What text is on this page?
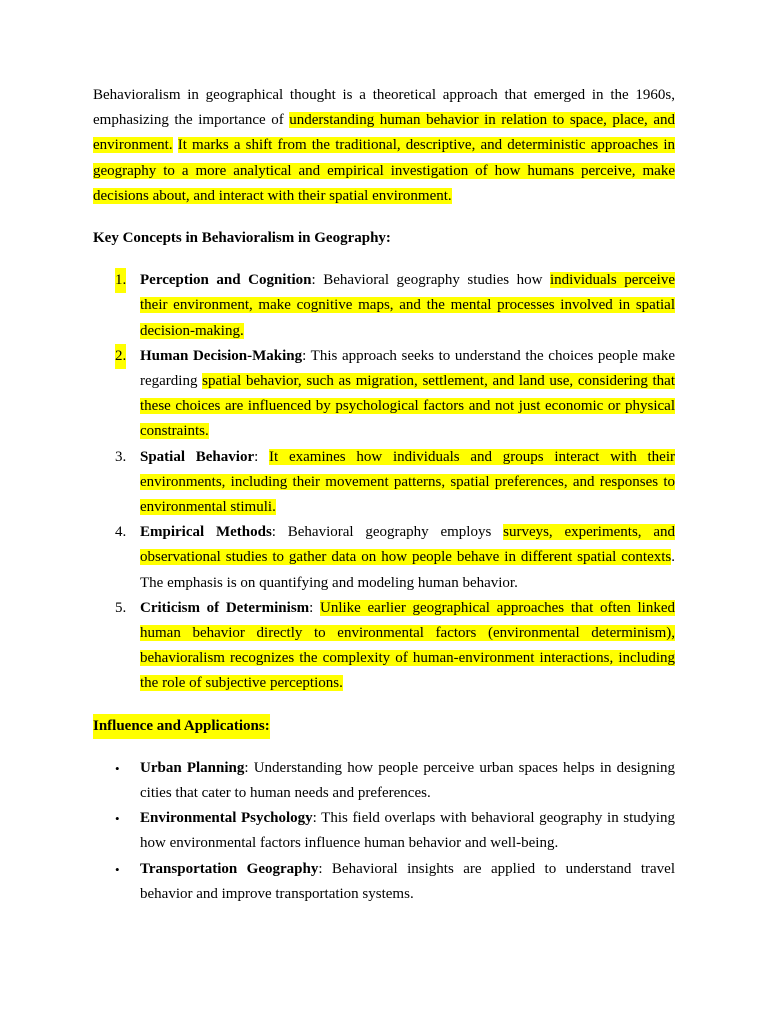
Behavioralism in geographical thought is a theoretical approach that emerged in the 1960s, emphasizing the importance of understanding human behavior in relation to space, place, and environment. It marks a shift from the traditional, descriptive, and deterministic approaches in geography to a more analytical and empirical investigation of how humans perceive, make decisions about, and interact with their spatial environment.

Key Concepts in Behavioralism in Geography:

1. Perception and Cognition: Behavioral geography studies how individuals perceive their environment, make cognitive maps, and the mental processes involved in spatial decision-making.

2. Human Decision-Making: This approach seeks to understand the choices people make regarding spatial behavior, such as migration, settlement, and land use, considering that these choices are influenced by psychological factors and not just economic or physical constraints.

3. Spatial Behavior: It examines how individuals and groups interact with their environments, including their movement patterns, spatial preferences, and responses to environmental stimuli.

4. Empirical Methods: Behavioral geography employs surveys, experiments, and observational studies to gather data on how people behave in different spatial contexts. The emphasis is on quantifying and modeling human behavior.

5. Criticism of Determinism: Unlike earlier geographical approaches that often linked human behavior directly to environmental factors (environmental determinism), behavioralism recognizes the complexity of human-environment interactions, including the role of subjective perceptions.

Influence and Applications:

• Urban Planning: Understanding how people perceive urban spaces helps in designing cities that cater to human needs and preferences.

• Environmental Psychology: This field overlaps with behavioral geography in studying how environmental factors influence human behavior and well-being.

• Transportation Geography: Behavioral insights are applied to understand travel behavior and improve transportation systems.
